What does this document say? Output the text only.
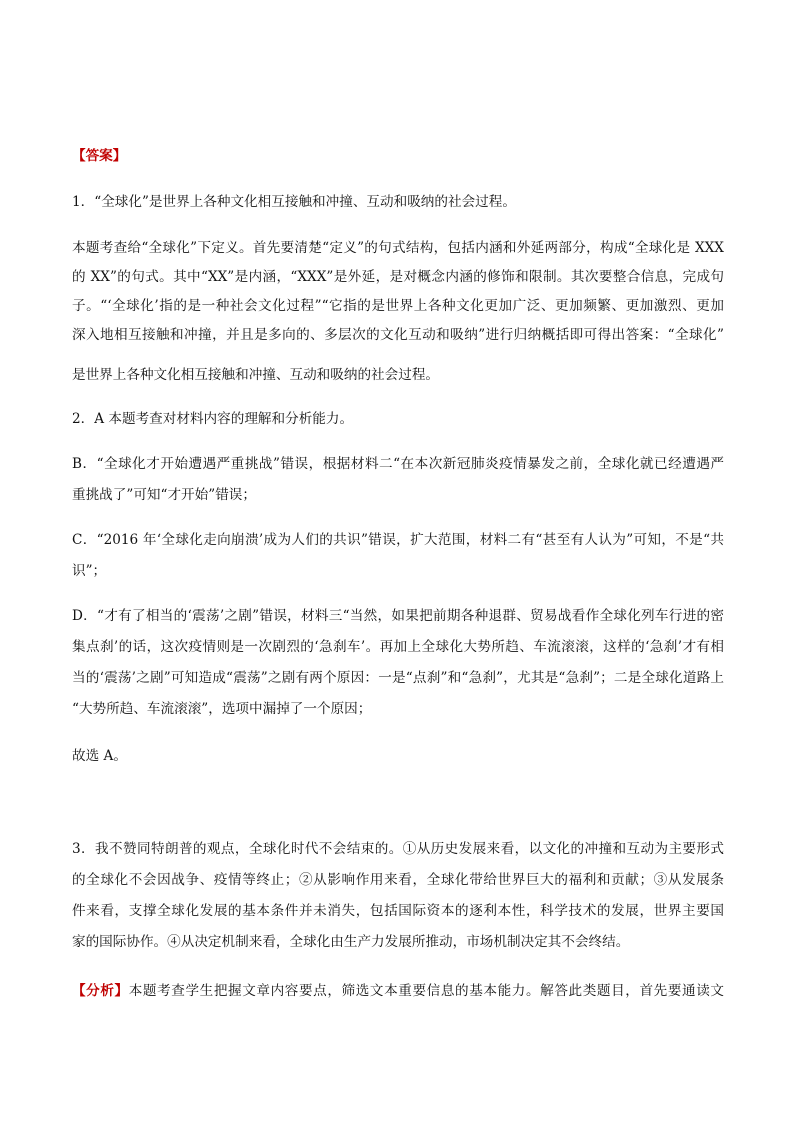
【答案】
1．“全球化”是世界上各种文化相互接触和冲撞、互动和吸纳的社会过程。
本题考查给“全球化”下定义。首先要清楚“定义”的句式结构，包括内涵和外延两部分，构成“全球化是 XXX
的 XX”的句式。其中“XX”是内涵，“XXX”是外延，是对概念内涵的修饰和限制。其次要整合信息，完成句
子。“‘全球化’指的是一种社会文化过程”“它指的是世界上各种文化更加广泛、更加频繁、更加激烈、更加
深入地相互接触和冲撞，并且是多向的、多层次的文化互动和吸纳”进行归纳概括即可得出答案：“全球化”
是世界上各种文化相互接触和冲撞、互动和吸纳的社会过程。
2．A 本题考查对材料内容的理解和分析能力。
B．“全球化才开始遭遇严重挑战”错误，根据材料二“在本次新冠肺炎疫情暴发之前，全球化就已经遭遇严
重挑战了”可知“才开始”错误；
C．“2016 年‘全球化走向崩溃’成为人们的共识”错误，扩大范围，材料二有“甚至有人认为”可知，不是“共
识”；
D．“才有了相当的‘震荡’之剧”错误，材料三“当然，如果把前期各种退群、贸易战看作全球化列车行进的密
集点刹’的话，这次疫情则是一次剧烈的‘急刹车’。再加上全球化大势所趋、车流滚滚，这样的‘急刹’才有相
当的‘震荡’之剧”可知造成“震荡”之剧有两个原因：一是“点刹”和“急刹”，尤其是“急刹”；二是全球化道路上
“大势所趋、车流滚滚”，选项中漏掉了一个原因；
故选 A。
3．我不赞同特朗普的观点，全球化时代不会结束的。①从历史发展来看，以文化的冲撞和互动为主要形式
的全球化不会因战争、疫情等终止；②从影响作用来看，全球化带给世界巨大的福利和贡献；③从发展条
件来看，支撑全球化发展的基本条件并未消失，包括国际资本的逐利本性，科学技术的发展，世界主要国
家的国际协作。④从决定机制来看，全球化由生产力发展所推动，市场机制决定其不会终结。
【分析】本题考查学生把握文章内容要点，筛选文本重要信息的基本能力。解答此类题目，首先要通读文
